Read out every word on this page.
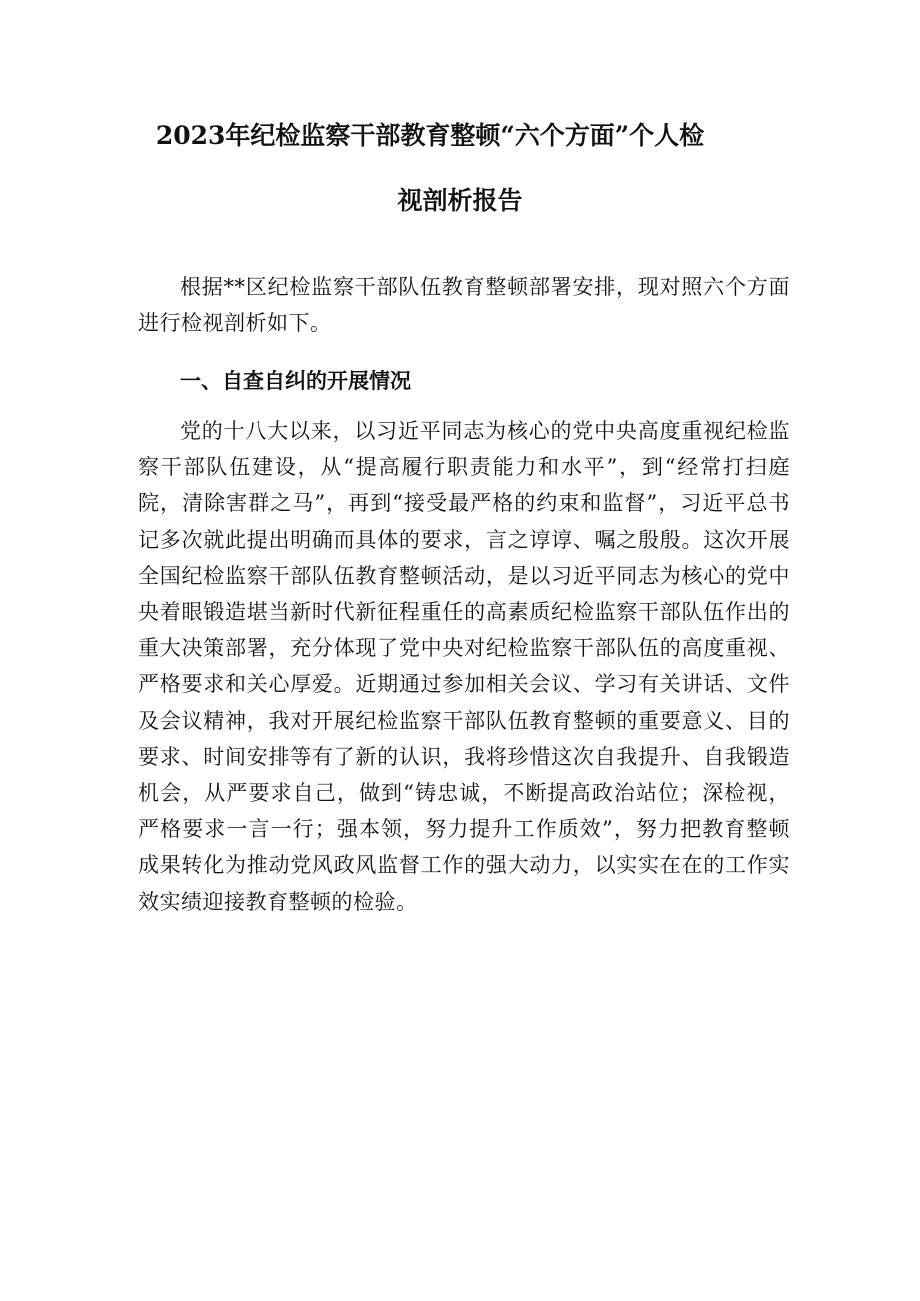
2023年纪检监察干部教育整顿“六个方面”个人检
视剖析报告

根据**区纪检监察干部队伍教育整顿部署安排，现对照六个方面进行检视剖析如下。

一、自查自纠的开展情况

党的十八大以来，以习近平同志为核心的党中央高度重视纪检监察干部队伍建设，从“提高履行职责能力和水平”，到“经常打扫庭院，清除害群之马”，再到“接受最严格的约束和监督”，习近平总书记多次就此提出明确而具体的要求，言之谆谆、嘱之殷殷。这次开展全国纪检监察干部队伍教育整顿活动，是以习近平同志为核心的党中央着眼锻造堪当新时代新征程重任的高素质纪检监察干部队伍作出的重大决策部署，充分体现了党中央对纪检监察干部队伍的高度重视、严格要求和关心厚爱。近期通过参加相关会议、学习有关讲话、文件及会议精神，我对开展纪检监察干部队伍教育整顿的重要意义、目的要求、时间安排等有了新的认识，我将珍惜这次自我提升、自我锻造机会，从严要求自己，做到“铸忠诚，不断提高政治站位；深检视，严格要求一言一行；强本领，努力提升工作质效”，努力把教育整顿成果转化为推动党风政风监督工作的强大动力，以实实在在的工作实效实绩迎接教育整顿的检验。
